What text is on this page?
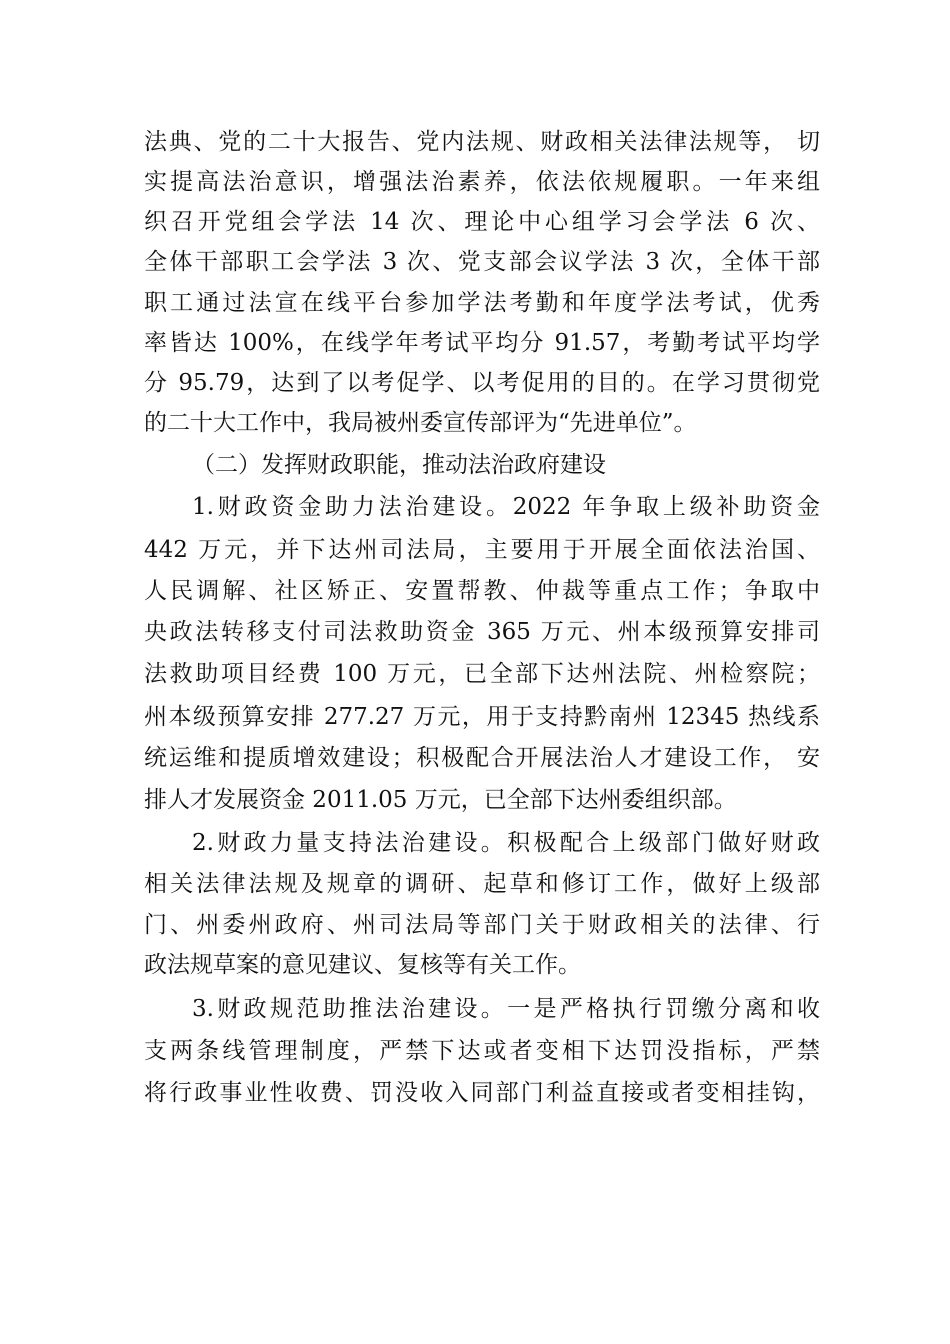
法典、党的二十大报告、党内法规、财政相关法律法规等， 切
实提高法治意识，增强法治素养，依法依规履职。一年来组
织召开党组会学法 14 次、理论中心组学习会学法 6 次、
全体干部职工会学法 3 次、党支部会议学法 3 次，全体干部
职工通过法宣在线平台参加学法考勤和年度学法考试，优秀
率皆达 100%，在线学年考试平均分 91.57，考勤考试平均学
分 95.79，达到了以考促学、以考促用的目的。在学习贯彻党
的二十大工作中，我局被州委宣传部评为“先进单位”。
（二）发挥财政职能，推动法治政府建设
1.财政资金助力法治建设。2022 年争取上级补助资金
442 万元，并下达州司法局，主要用于开展全面依法治国、
人民调解、社区矫正、安置帮教、仲裁等重点工作；争取中
央政法转移支付司法救助资金 365 万元、州本级预算安排司
法救助项目经费 100 万元，已全部下达州法院、州检察院；
州本级预算安排 277.27 万元，用于支持黔南州 12345 热线系
统运维和提质增效建设；积极配合开展法治人才建设工作， 安
排人才发展资金 2011.05 万元，已全部下达州委组织部。
2.财政力量支持法治建设。积极配合上级部门做好财政
相关法律法规及规章的调研、起草和修订工作，做好上级部
门、州委州政府、州司法局等部门关于财政相关的法律、行
政法规草案的意见建议、复核等有关工作。
3.财政规范助推法治建设。一是严格执行罚缴分离和收
支两条线管理制度，严禁下达或者变相下达罚没指标，严禁
将行政事业性收费、罚没收入同部门利益直接或者变相挂钩，
